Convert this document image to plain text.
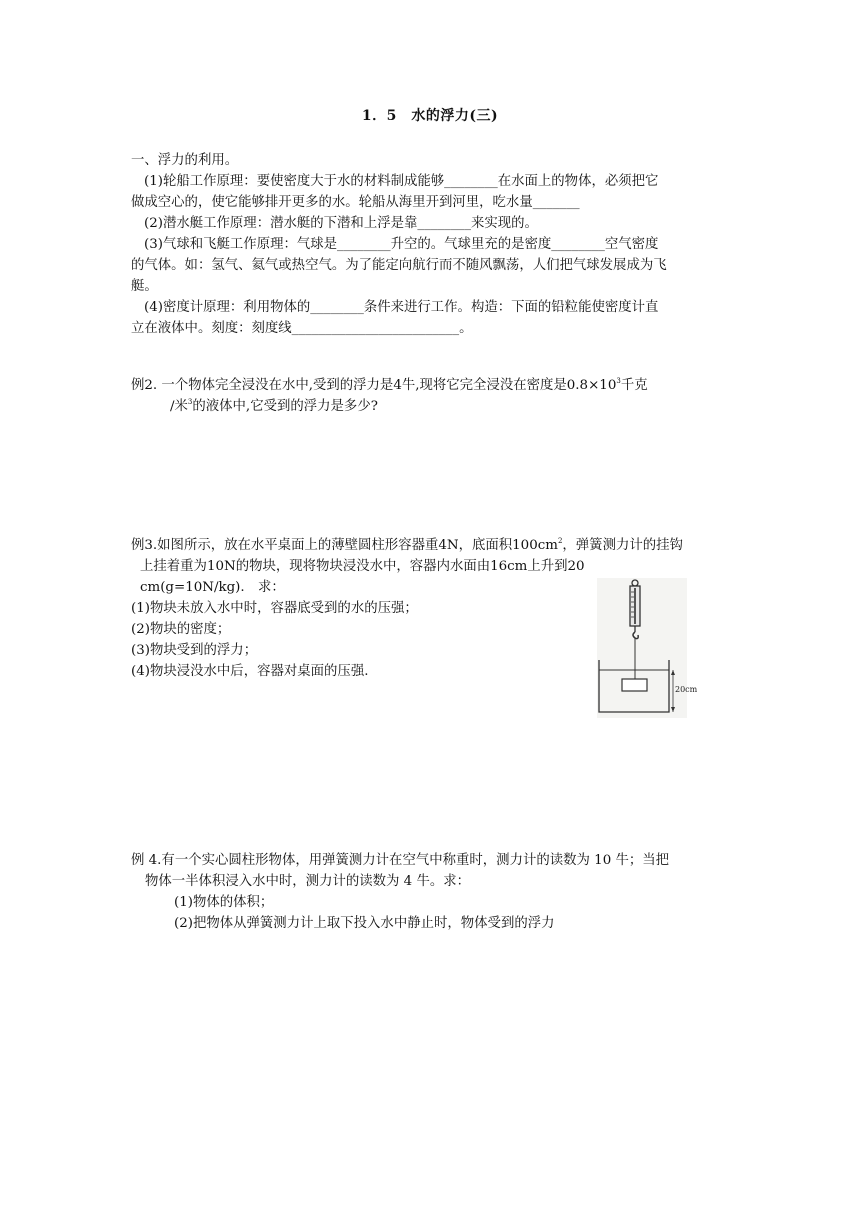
1．5　水的浮力(三)
一、浮力的利用。
(1)轮船工作原理：要使密度大于水的材料制成能够________在水面上的物体，必须把它
做成空心的，使它能够排开更多的水。轮船从海里开到河里，吃水量_______
(2)潜水艇工作原理：潜水艇的下潜和上浮是靠________来实现的。
(3)气球和飞艇工作原理：气球是________升空的。气球里充的是密度________空气密度
的气体。如：氢气、氦气或热空气。为了能定向航行而不随风飘荡，人们把气球发展成为飞
艇。
(4)密度计原理：利用物体的________条件来进行工作。构造：下面的铅粒能使密度计直
立在液体中。刻度：刻度线_________________________。
例2. 一个物体完全浸没在水中,受到的浮力是4牛,现将它完全浸没在密度是$0.8\times 10^3$千克
/米$^3$的液体中,它受到的浮力是多少?
例3.如图所示，放在水平桌面上的薄壁圆柱形容器重4N，底面积$100cm^2$，弹簧测力计的挂钩
上挂着重为10N的物块，现将物块浸没水中，容器内水面由16cm上升到20
cm(g=10N/kg).　求：
(1)物块未放入水中时，容器底受到的水的压强；
(2)物块的密度；
(3)物块受到的浮力；
(4)物块浸没水中后，容器对桌面的压强.
20cm
例 4.有一个实心圆柱形物体，用弹簧测力计在空气中称重时，测力计的读数为 10 牛；当把
物体一半体积浸入水中时，测力计的读数为 4 牛。求：
(1)物体的体积；
(2)把物体从弹簧测力计上取下投入水中静止时，物体受到的浮力
